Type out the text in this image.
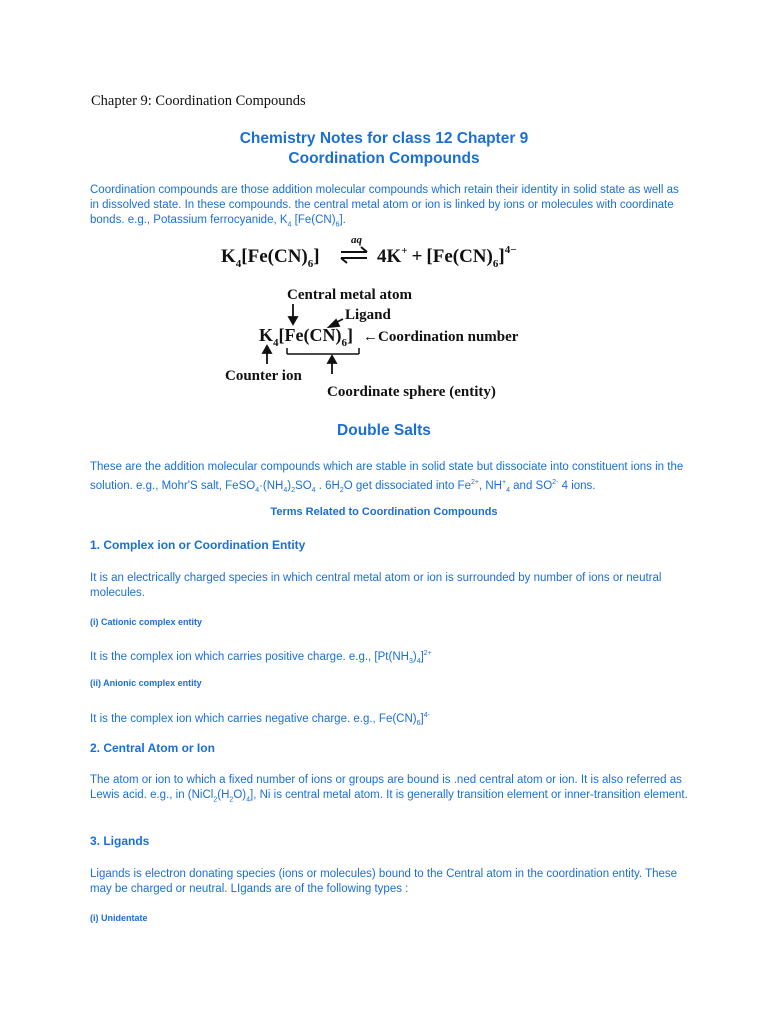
Chapter 9: Coordination Compounds
Chemistry Notes for class 12 Chapter 9
Coordination Compounds
Coordination compounds are those addition molecular compounds which retain their identity in solid state as well as in dissolved state. In these compounds. the central metal atom or ion is linked by ions or molecules with coordinate bonds. e.g., Potassium ferrocyanide, $K_4$ $[Fe(CN)_6]$.
$K_4[Fe(CN)_6]$
aq
$4K^+ + [Fe(CN)_6]^{4-}$
Central metal atom
Ligand
$K_4[Fe(CN)_6]$ ←Coordination number
Counter ion
Coordinate sphere (entity)
Double Salts
These are the addition molecular compounds which are stable in solid state but dissociate into constituent ions in the solution. e.g., Mohr'S salt, $FeSO_4\cdot(NH_4)_2SO_4$ . $6H_2O$ get dissociated into $Fe^{2+}$, $NH^+_4$ and $SO^{2-}$ 4 ions.
Terms Related to Coordination Compounds
1. Complex ion or Coordination Entity
It is an electrically charged species in which central metal atom or ion is surrounded by number of ions or neutral molecules.
(i) Cationic complex entity
It is the complex ion which carries positive charge. e.g., $[Pt(NH_3)_4]^{2+}$
(ii) Anionic complex entity
It is the complex ion which carries negative charge. e.g., $Fe(CN)_6]^{4-}$
2. Central Atom or Ion
The atom or ion to which a fixed number of ions or groups are bound is .ned central atom or ion. It is also referred as Lewis acid. e.g., in $(NiCl_2(H_2O)_4]$, Ni is central metal atom. It is generally transition element or inner-transition element.
3. Ligands
Ligands is electron donating species (ions or molecules) bound to the Central atom in the coordination entity. These may be charged or neutral. LIgands are of the following types :
(i) Unidentate
